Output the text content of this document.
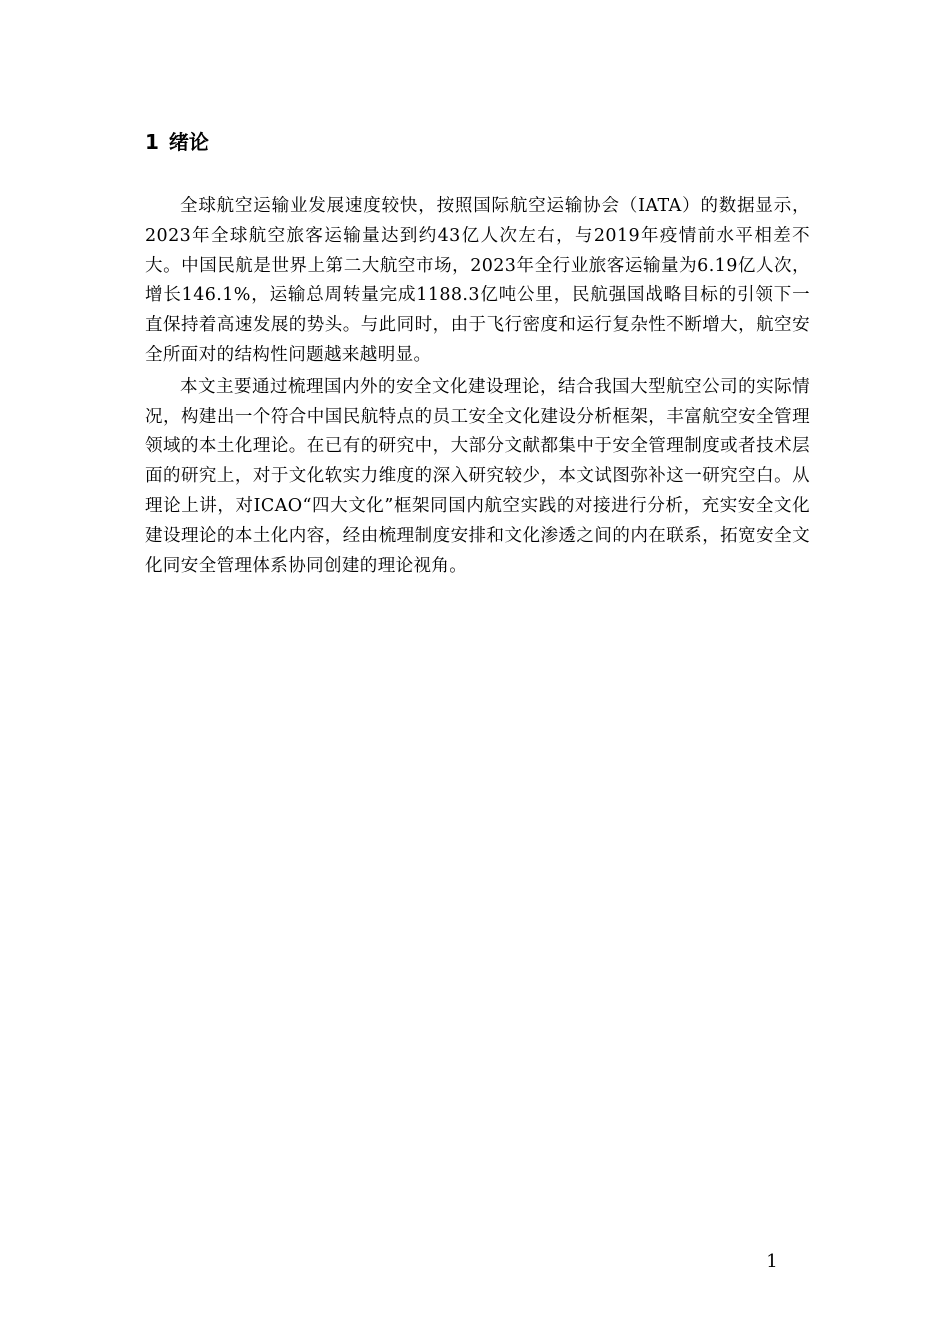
1 绪论

全球航空运输业发展速度较快，按照国际航空运输协会（IATA）的数据显示，2023年全球航空旅客运输量达到约43亿人次左右，与2019年疫情前水平相差不大。中国民航是世界上第二大航空市场，2023年全行业旅客运输量为6.19亿人次，增长146.1%，运输总周转量完成1188.3亿吨公里，民航强国战略目标的引领下一直保持着高速发展的势头。与此同时，由于飞行密度和运行复杂性不断增大，航空安全所面对的结构性问题越来越明显。

本文主要通过梳理国内外的安全文化建设理论，结合我国大型航空公司的实际情况，构建出一个符合中国民航特点的员工安全文化建设分析框架，丰富航空安全管理领域的本土化理论。在已有的研究中，大部分文献都集中于安全管理制度或者技术层面的研究上，对于文化软实力维度的深入研究较少，本文试图弥补这一研究空白。从理论上讲，对ICAO“四大文化”框架同国内航空实践的对接进行分析，充实安全文化建设理论的本土化内容，经由梳理制度安排和文化渗透之间的内在联系，拓宽安全文化同安全管理体系协同创建的理论视角。

1
